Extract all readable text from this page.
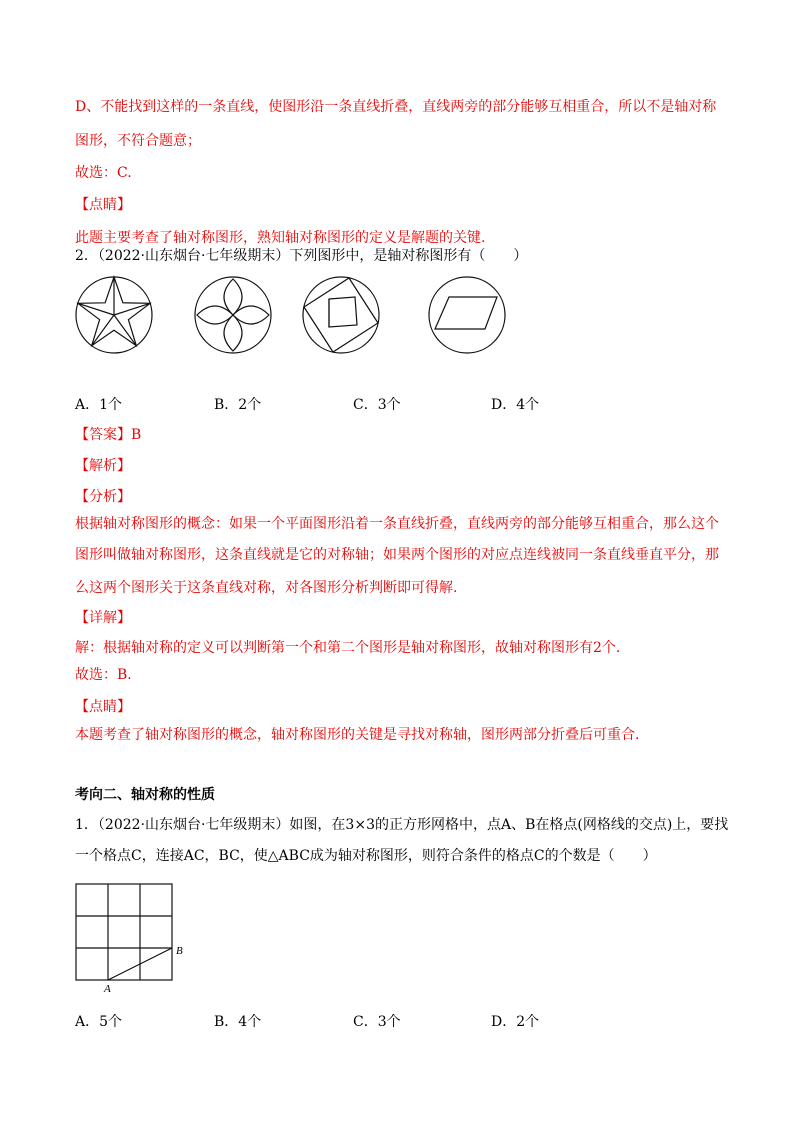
D、不能找到这样的一条直线，使图形沿一条直线折叠，直线两旁的部分能够互相重合，所以不是轴对称
图形，不符合题意；
故选：C.
【点睛】
此题主要考查了轴对称图形，熟知轴对称图形的定义是解题的关键.
2．（2022·山东烟台·七年级期末）下列图形中，是轴对称图形有（　　）
A．1个	B．2个	C．3个	D．4个
【答案】B
【解析】
【分析】
根据轴对称图形的概念：如果一个平面图形沿着一条直线折叠，直线两旁的部分能够互相重合，那么这个
图形叫做轴对称图形，这条直线就是它的对称轴；如果两个图形的对应点连线被同一条直线垂直平分，那
么这两个图形关于这条直线对称，对各图形分析判断即可得解.
【详解】
解：根据轴对称的定义可以判断第一个和第二个图形是轴对称图形，故轴对称图形有2个.
故选：B.
【点睛】
本题考查了轴对称图形的概念，轴对称图形的关键是寻找对称轴，图形两部分折叠后可重合.
考向二、轴对称的性质
1．（2022·山东烟台·七年级期末）如图，在3×3的正方形网格中，点A、B在格点(网格线的交点)上，要找
一个格点C，连接AC，BC，使△ABC成为轴对称图形，则符合条件的格点C的个数是（　　）
A
B
A．5个	B．4个	C．3个	D．2个
